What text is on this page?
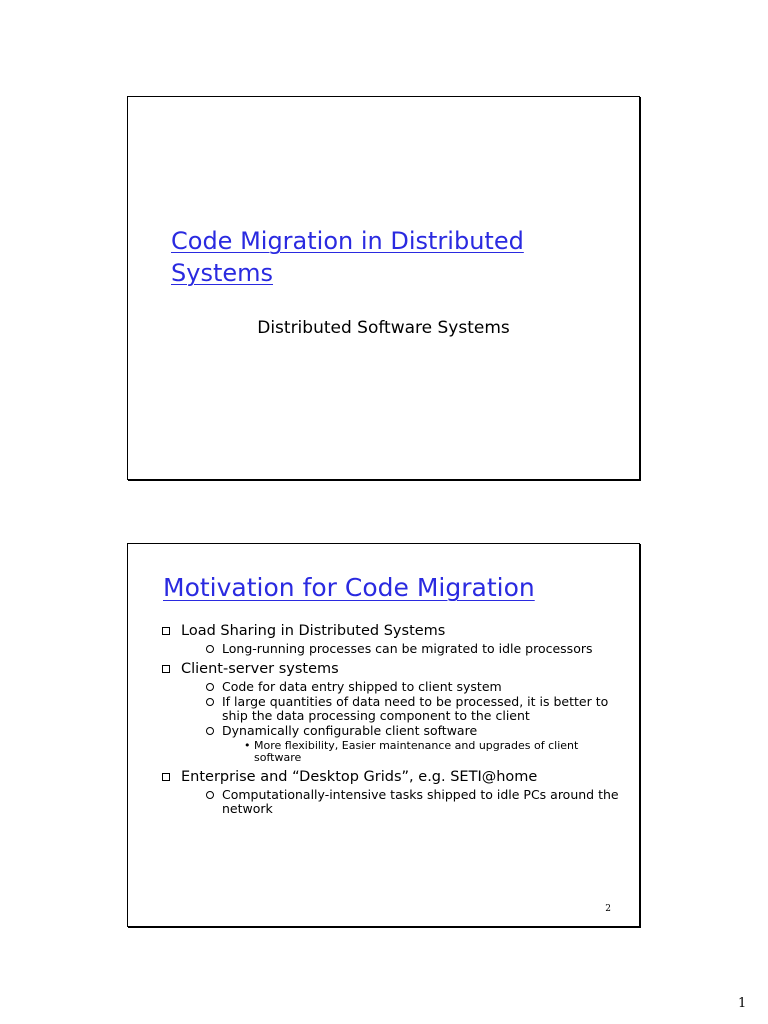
Code Migration in Distributed Systems
Distributed Software Systems
Motivation for Code Migration
Load Sharing in Distributed Systems
Long-running processes can be migrated to idle processors
Client-server systems
Code for data entry shipped to client system
If large quantities of data need to be processed, it is better to ship the data processing component to the client
Dynamically configurable client software
• More flexibility, Easier maintenance and upgrades of client software
Enterprise and “Desktop Grids”, e.g. SETI@home
Computationally-intensive tasks shipped to idle PCs around the network
2
1
